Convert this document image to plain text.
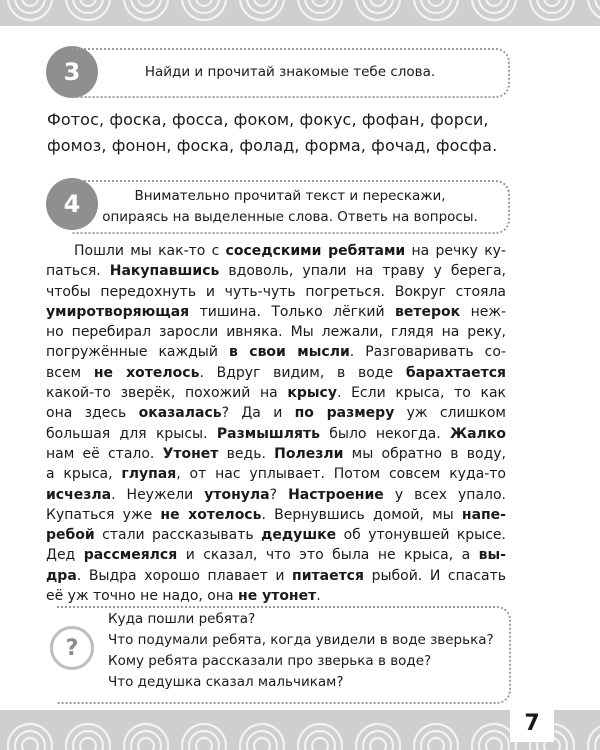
3	Найди и прочитай знакомые тебе слова.
Фотос, фоска, фосса, фоком, фокус, фофан, форси,
фомоз, фонон, фоска, фолад, форма, фочад, фосфа.
4	Внимательно прочитай текст и перескажи,
опираясь на выделенные слова. Ответь на вопросы.
Пошли мы как-то с соседскими ребятами на речку ку-
паться. Накупавшись вдоволь, упали на траву у берега,
чтобы передохнуть и чуть-чуть погреться. Вокруг стояла
умиротворяющая тишина. Только лёгкий ветерок неж-
но перебирал заросли ивняка. Мы лежали, глядя на реку,
погружённые каждый в свои мысли. Разговаривать со-
всем не хотелось. Вдруг видим, в воде барахтается
какой-то зверёк, похожий на крысу. Если крыса, то как
она здесь оказалась? Да и по размеру уж слишком
большая для крысы. Размышлять было некогда. Жалко
нам её стало. Утонет ведь. Полезли мы обратно в воду,
а крыса, глупая, от нас уплывает. Потом совсем куда-то
исчезла. Неужели утонула? Настроение у всех упало.
Купаться уже не хотелось. Вернувшись домой, мы напе-
ребой стали рассказывать дедушке об утонувшей крысе.
Дед рассмеялся и сказал, что это была не крыса, а вы-
дра. Выдра хорошо плавает и питается рыбой. И спасать
её уж точно не надо, она не утонет.
?
Куда пошли ребята?
Что подумали ребята, когда увидели в воде зверька?
Кому ребята рассказали про зверька в воде?
Что дедушка сказал мальчикам?
7
